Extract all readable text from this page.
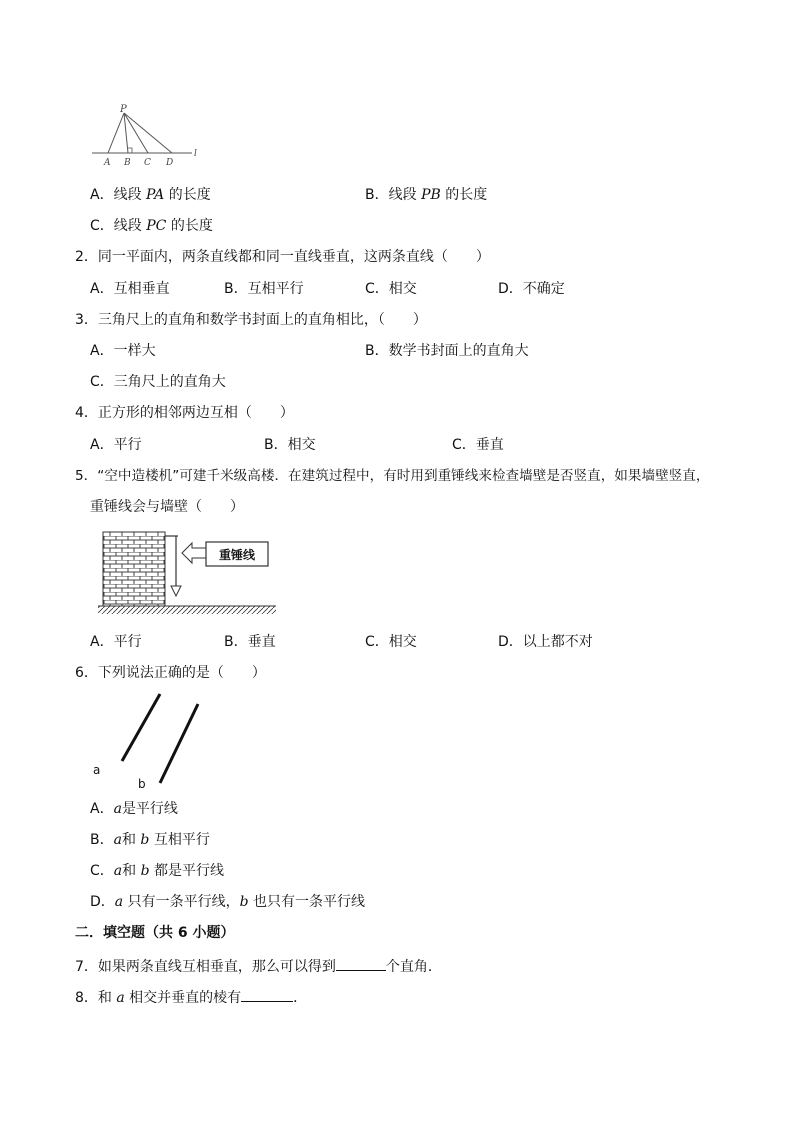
P
A B C D
l
A．线段 PA 的长度	B．线段 PB 的长度
C．线段 PC 的长度
2．同一平面内，两条直线都和同一直线垂直，这两条直线（　　）
A．互相垂直	B．互相平行	C．相交	D．不确定
3．三角尺上的直角和数学书封面上的直角相比，（　　）
A．一样大	B．数学书封面上的直角大
C．三角尺上的直角大
4．正方形的相邻两边互相（　　）
A．平行	B．相交	C．垂直
5．“空中造楼机”可建千米级高楼．在建筑过程中，有时用到重锤线来检查墙壁是否竖直，如果墙壁竖直，
重锤线会与墙壁（　　）
重锤线
A．平行	B．垂直	C．相交	D．以上都不对
6．下列说法正确的是（　　）
a
b
A．a是平行线
B．a和 b 互相平行
C．a和 b 都是平行线
D．a 只有一条平行线，b 也只有一条平行线
二．填空题（共 6 小题）
7．如果两条直线互相垂直，那么可以得到	个直角．
8．和 a 相交并垂直的棱有	．
